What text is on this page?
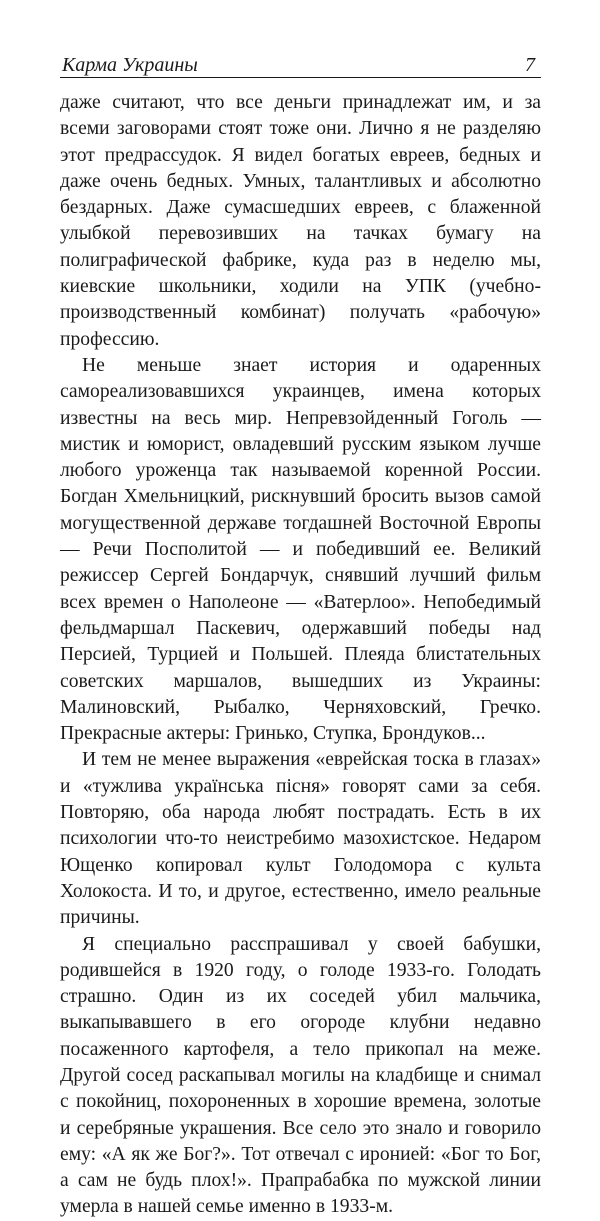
Карма Украины	7

даже считают, что все деньги принадлежат им, и за всеми заговорами стоят тоже они. Лично я не разделяю этот предрассудок. Я видел богатых евреев, бедных и даже очень бедных. Умных, талантливых и абсолютно бездарных. Даже сумасшедших евреев, с блаженной улыбкой перевозивших на тачках бумагу на полиграфической фабрике, куда раз в неделю мы, киевские школьники, ходили на УПК (учебно-производственный комбинат) получать «рабочую» профессию.

Не меньше знает история и одаренных самореализовавшихся украинцев, имена которых известны на весь мир. Непревзойденный Гоголь — мистик и юморист, овладевший русским языком лучше любого уроженца так называемой коренной России. Богдан Хмельницкий, рискнувший бросить вызов самой могущественной державе тогдашней Восточной Европы — Речи Посполитой — и победивший ее. Великий режиссер Сергей Бондарчук, снявший лучший фильм всех времен о Наполеоне — «Ватерлоо». Непобедимый фельдмаршал Паскевич, одержавший победы над Персией, Турцией и Польшей. Плеяда блистательных советских маршалов, вышедших из Украины: Малиновский, Рыбалко, Черняховский, Гречко. Прекрасные актеры: Гринько, Ступка, Брондуков...

И тем не менее выражения «еврейская тоска в глазах» и «тужлива українська пісня» говорят сами за себя. Повторяю, оба народа любят пострадать. Есть в их психологии что-то неистребимо мазохистское. Недаром Ющенко копировал культ Голодомора с культа Холокоста. И то, и другое, естественно, имело реальные причины.

Я специально расспрашивал у своей бабушки, родившейся в 1920 году, о голоде 1933-го. Голодать страшно. Один из их соседей убил мальчика, выкапывавшего в его огороде клубни недавно посаженного картофеля, а тело прикопал на меже. Другой сосед раскапывал могилы на кладбище и снимал с покойниц, похороненных в хорошие времена, золотые и серебряные украшения. Все село это знало и говорило ему: «А як же Бог?». Тот отвечал с иронией: «Бог то Бог, а сам не будь плох!». Прапрабабка по мужской линии умерла в нашей семье именно в 1933-м.
